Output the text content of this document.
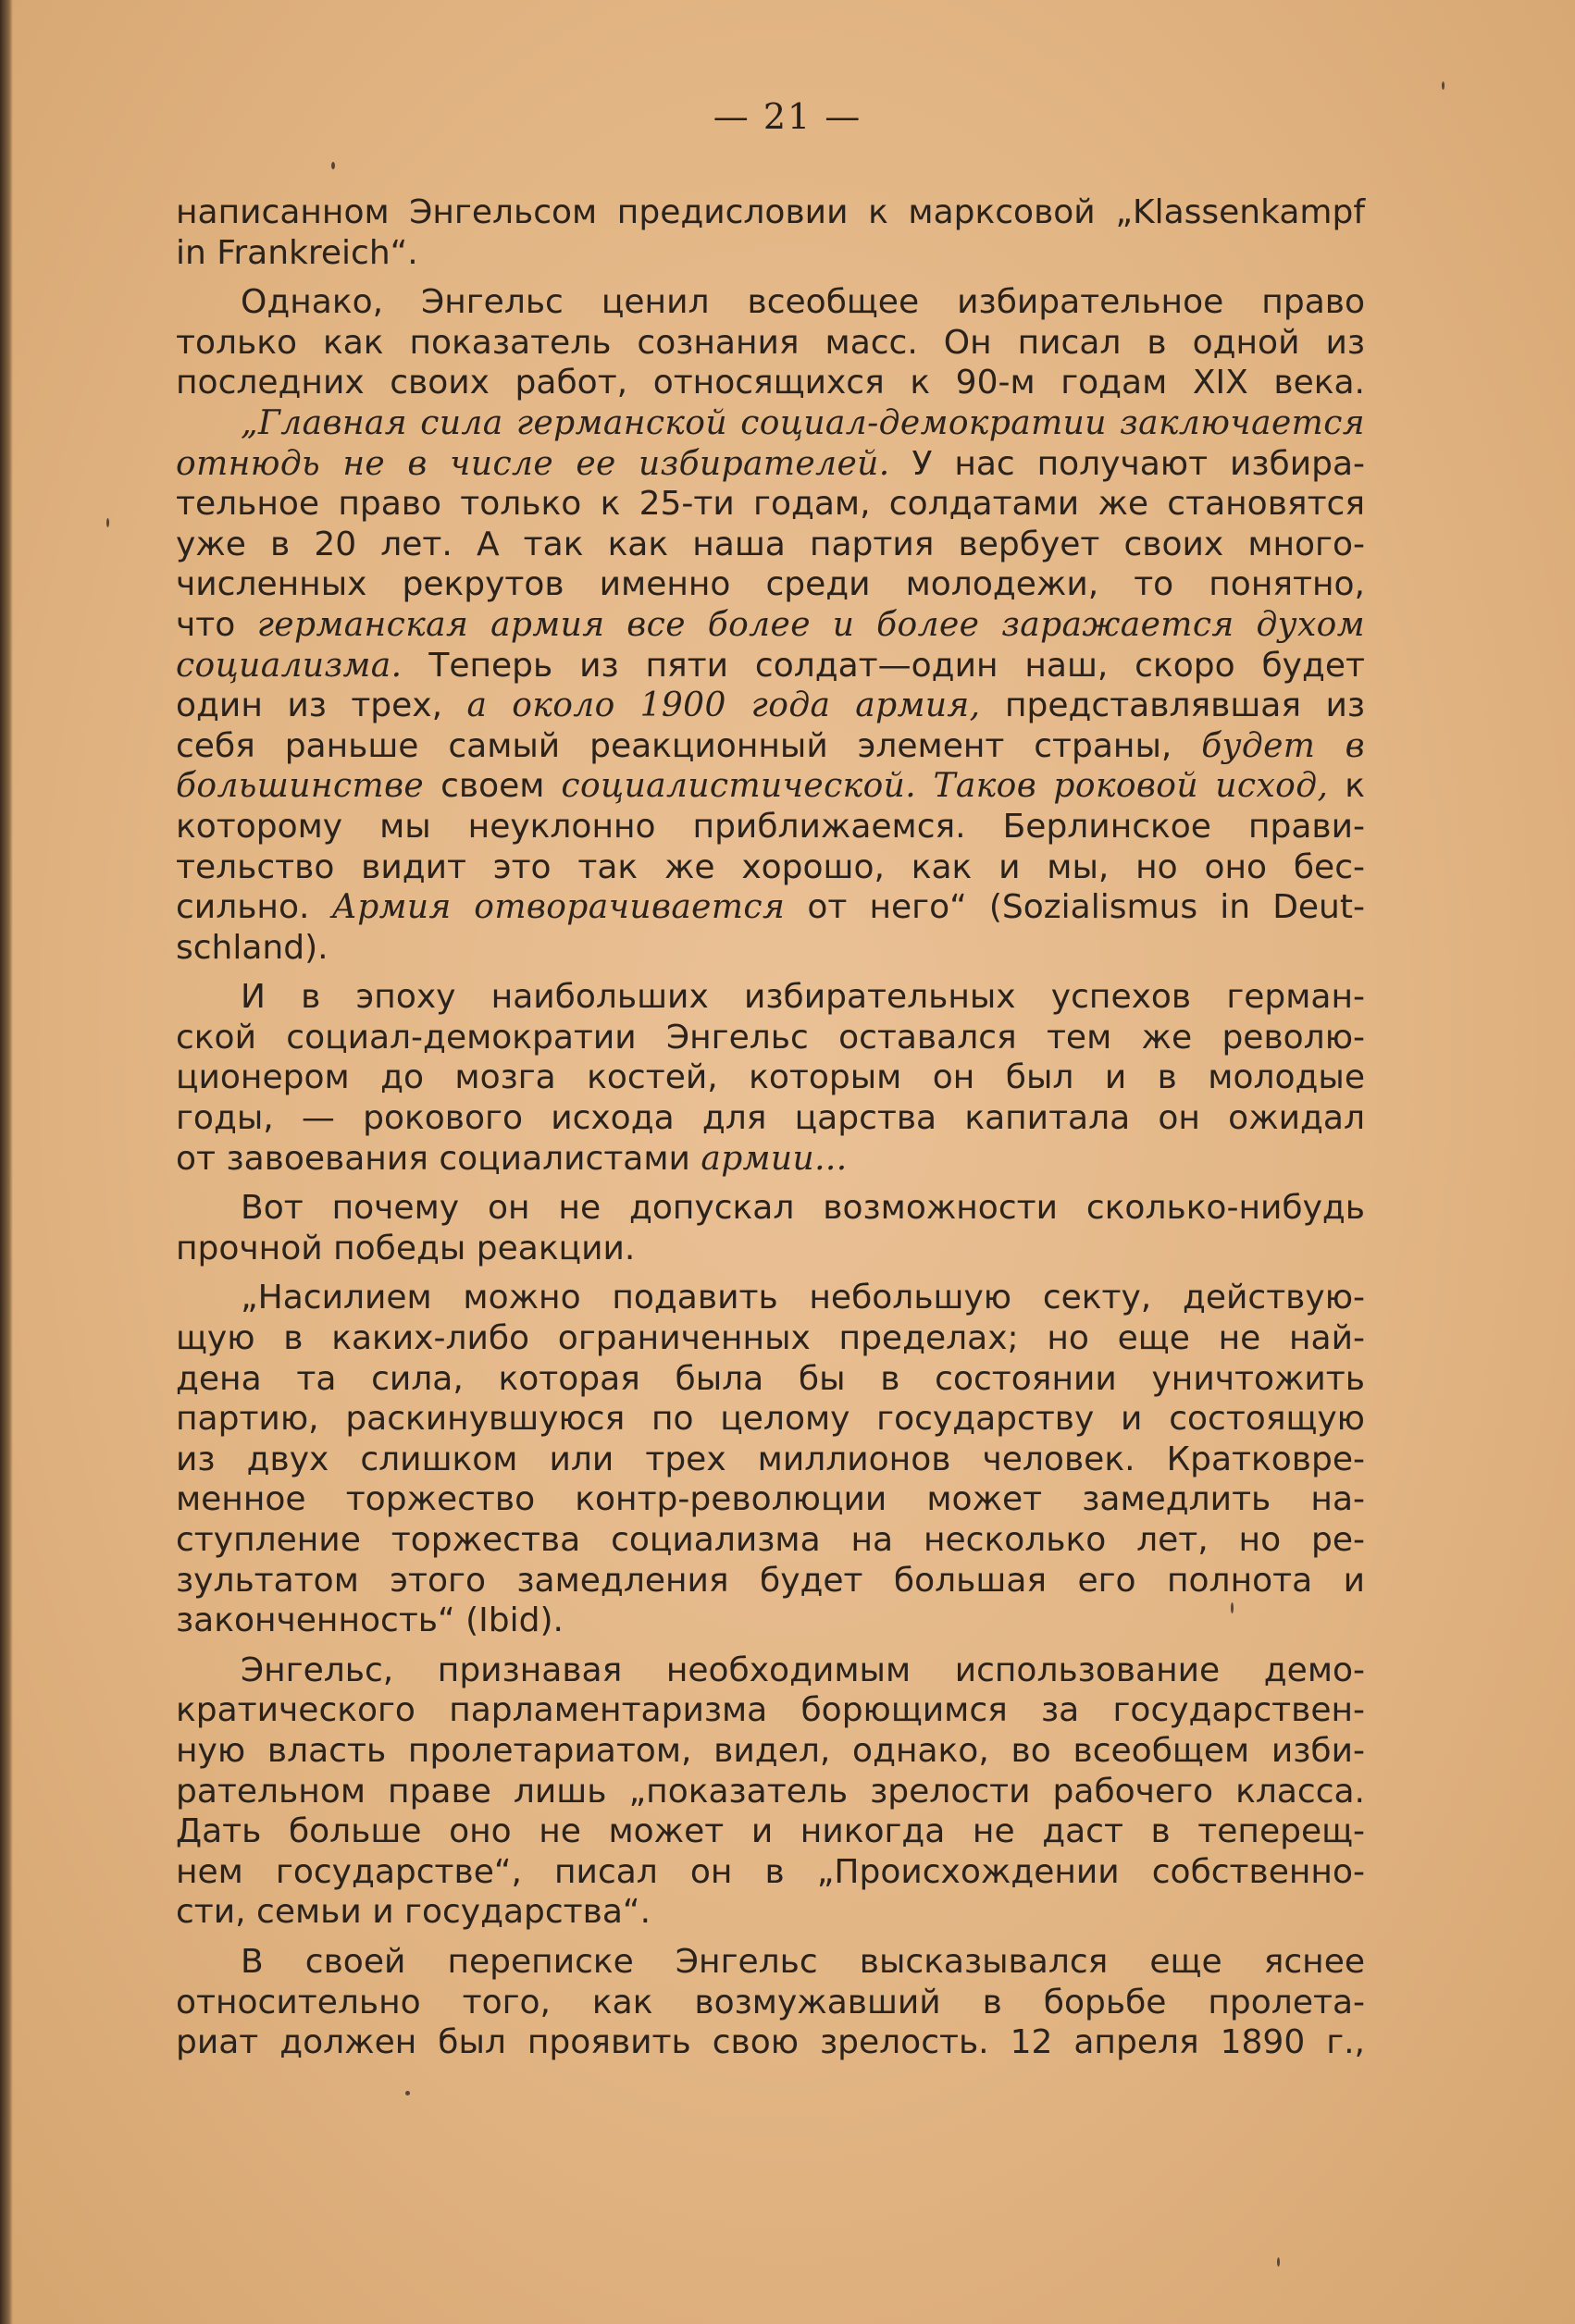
— 21 —
написанном Энгельсом предисловии к марксовой „Klassenkampf
in Frankreich“.
Однако, Энгельс ценил всеобщее избирательное право
только как показатель сознания масс. Он писал в одной из
последних своих работ, относящихся к 90-м годам XIX века.
„Главная сила германской социал-демократии заключается
отнюдь не в числе ее избирателей. У нас получают избира-
тельное право только к 25-ти годам, солдатами же становятся
уже в 20 лет. А так как наша партия вербует своих много-
численных рекрутов именно среди молодежи, то понятно,
что германская армия все более и более заражается духом
социализма. Теперь из пяти солдат—один наш, скоро будет
один из трех, а около 1900 года армия, представлявшая из
себя раньше самый реакционный элемент страны, будет в
большинстве своем социалистической. Таков роковой исход, к
которому мы неуклонно приближаемся. Берлинское прави-
тельство видит это так же хорошо, как и мы, но оно бес-
сильно. Армия отворачивается от него“ (Sozialismus in Deut-
schland).
И в эпоху наибольших избирательных успехов герман-
ской социал-демократии Энгельс оставался тем же револю-
ционером до мозга костей, которым он был и в молодые
годы, — рокового исхода для царства капитала он ожидал
от завоевания социалистами армии...
Вот почему он не допускал возможности сколько-нибудь
прочной победы реакции.
„Насилием можно подавить небольшую секту, действую-
щую в каких-либо ограниченных пределах; но еще не най-
дена та сила, которая была бы в состоянии уничтожить
партию, раскинувшуюся по целому государству и состоящую
из двух слишком или трех миллионов человек. Кратковре-
менное торжество контр-революции может замедлить на-
ступление торжества социализма на несколько лет, но ре-
зультатом этого замедления будет большая его полнота и
законченность“ (Ibid).
Энгельс, признавая необходимым использование демо-
кратического парламентаризма борющимся за государствен-
ную власть пролетариатом, видел, однако, во всеобщем изби-
рательном праве лишь „показатель зрелости рабочего класса.
Дать больше оно не может и никогда не даст в теперещ-
нем государстве“, писал он в „Происхождении собственно-
сти, семьи и государства“.
В своей переписке Энгельс высказывался еще яснее
относительно того, как возмужавший в борьбе пролета-
риат должен был проявить свою зрелость. 12 апреля 1890 г.,
